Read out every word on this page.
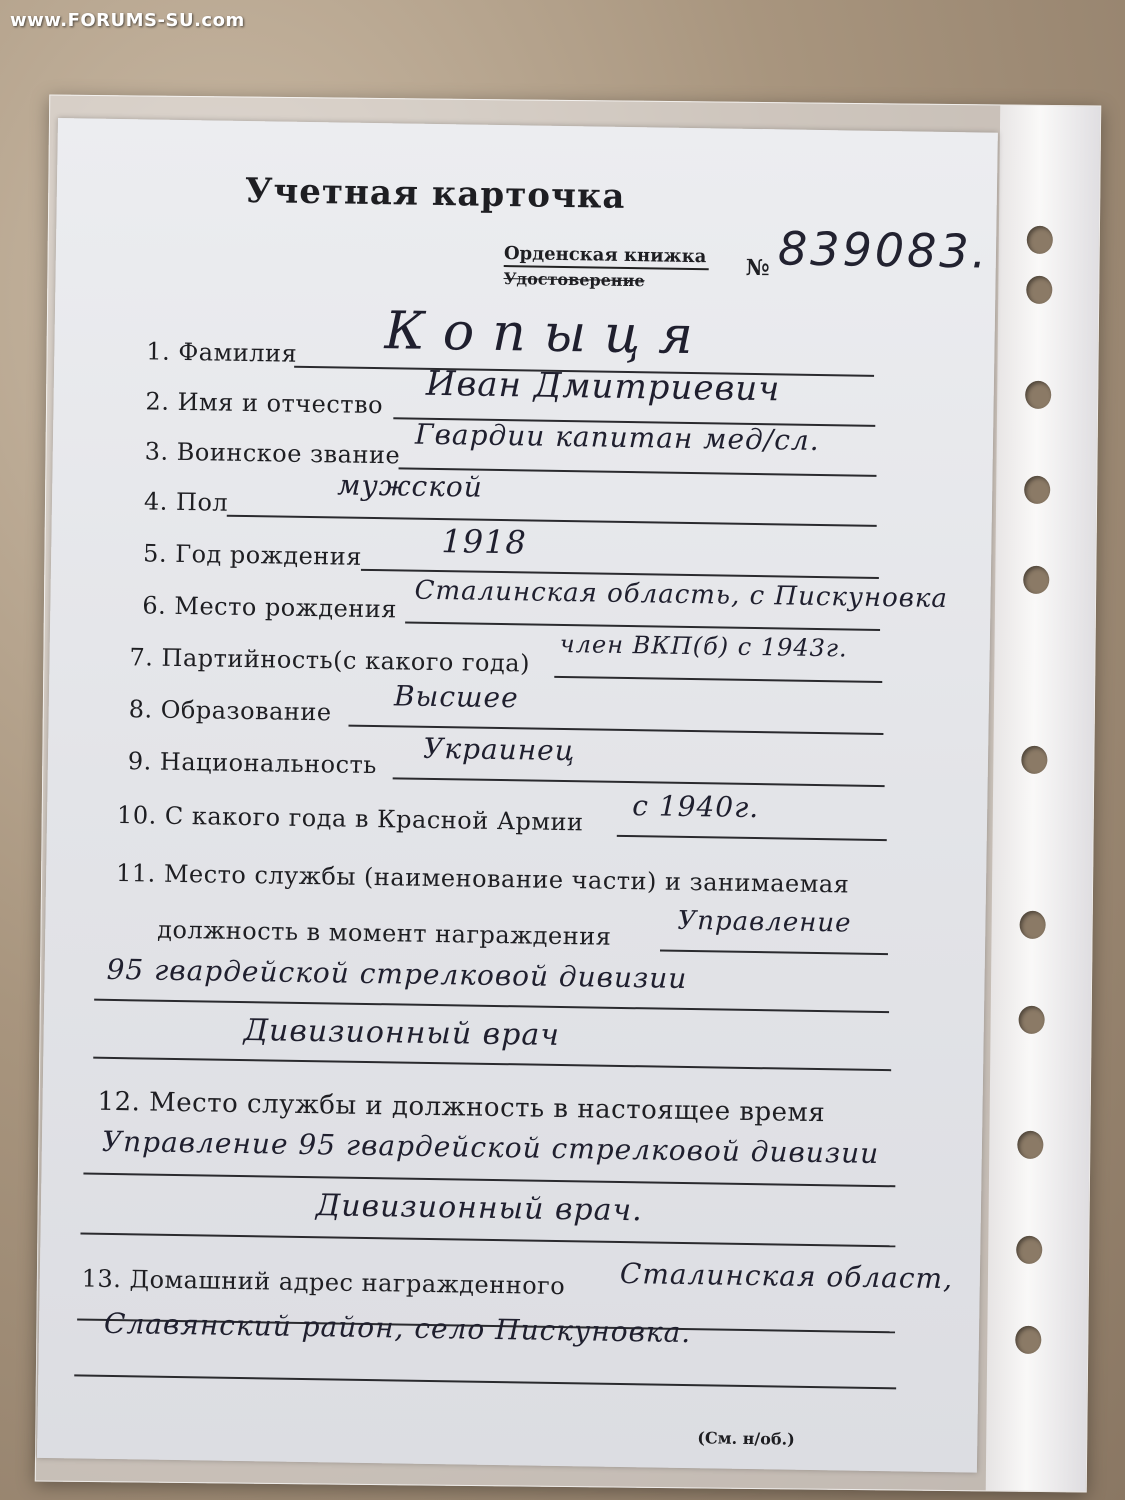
www.FORUMS-SU.com
Учетная карточка
Орденская книжка
Удостоверение	№ 839083.
1. Фамилия Копыця
2. Имя и отчество Иван Дмитриевич
3. Воинское звание Гвардии капитан мед/сл.
4. Пол	мужской
5. Год рождения 1918
6. Место рождения Сталинская область, с Пискуновка
7. Партийность(с какого года) член ВКП(б) с 1943г.
8. Образование Высшее
9. Национальность Украинец
10. С какого года в Красной Армии с 1940г.
11. Место службы (наименование части) и занимаемая
должность в момент награждения	Управление
95 гвардейской стрелковой дивизии
Дивизионный врач
12. Место службы и должность в настоящее время
Управление 95 гвардейской стрелковой дивизии
Дивизионный врач.
13. Домашний адрес награжденного Сталинская област,
Славянский район, село Пискуновка.
(См. н/об.)
